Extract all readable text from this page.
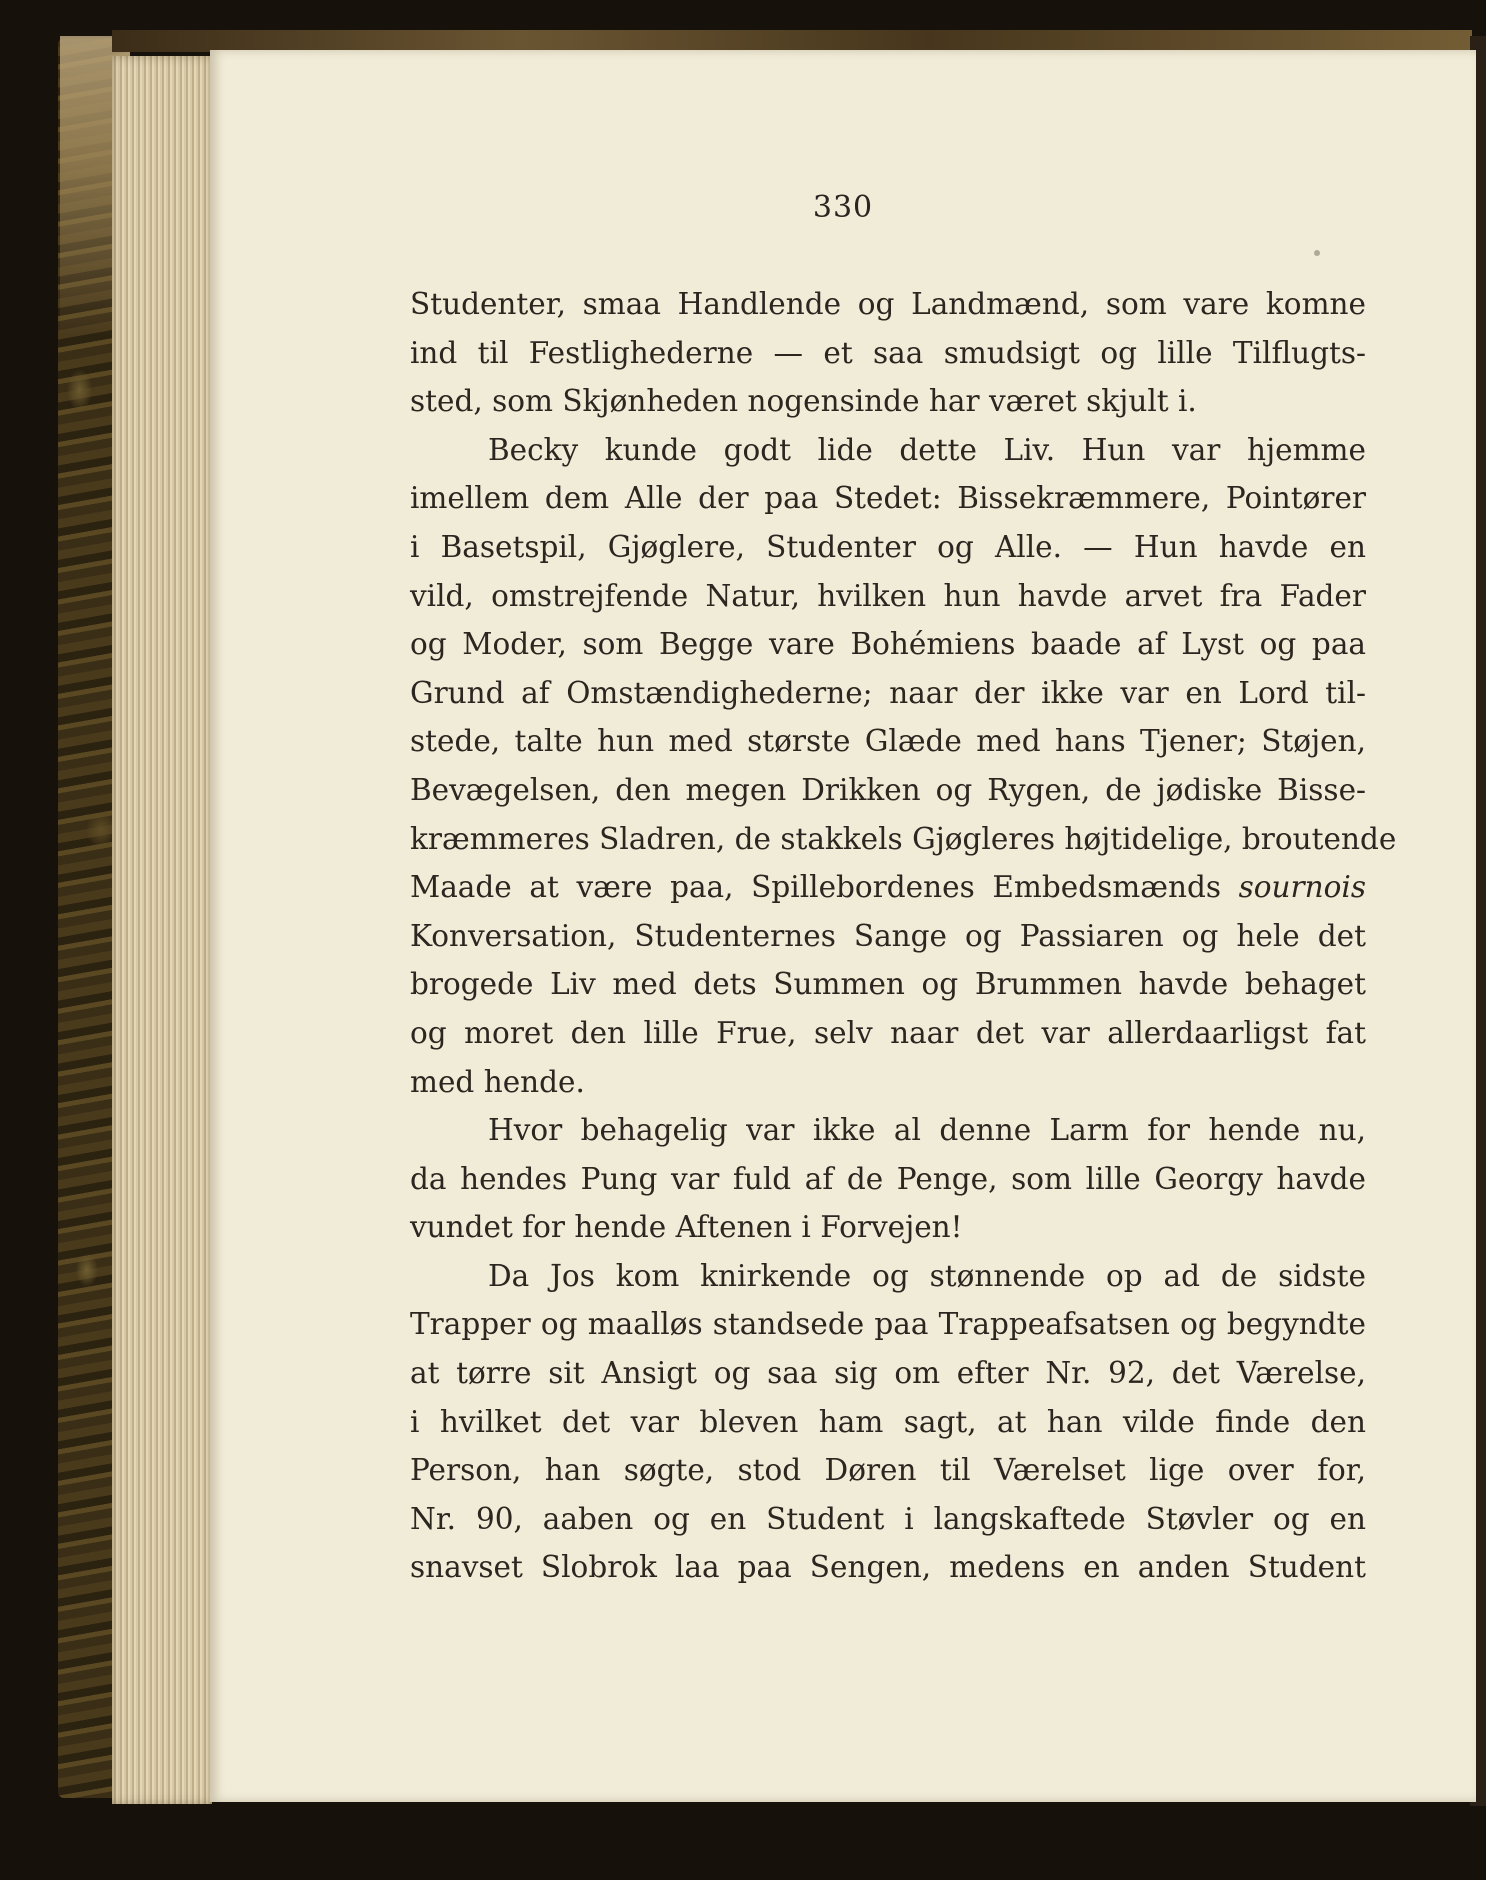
330
Studenter, smaa Handlende og Landmænd, som vare komne
ind til Festlighederne — et saa smudsigt og lille Tilflugts-
sted, som Skjønheden nogensinde har været skjult i.
Becky kunde godt lide dette Liv. Hun var hjemme
imellem dem Alle der paa Stedet: Bissekræmmere, Pointører
i Basetspil, Gjøglere, Studenter og Alle. — Hun havde en
vild, omstrejfende Natur, hvilken hun havde arvet fra Fader
og Moder, som Begge vare Bohémiens baade af Lyst og paa
Grund af Omstændighederne; naar der ikke var en Lord til-
stede, talte hun med største Glæde med hans Tjener; Støjen,
Bevægelsen, den megen Drikken og Rygen, de jødiske Bisse-
kræmmeres Sladren, de stakkels Gjøgleres højtidelige, broutende
Maade at være paa, Spillebordenes Embedsmænds sournois
Konversation, Studenternes Sange og Passiaren og hele det
brogede Liv med dets Summen og Brummen havde behaget
og moret den lille Frue, selv naar det var allerdaarligst fat
med hende.
Hvor behagelig var ikke al denne Larm for hende nu,
da hendes Pung var fuld af de Penge, som lille Georgy havde
vundet for hende Aftenen i Forvejen!
Da Jos kom knirkende og stønnende op ad de sidste
Trapper og maalløs standsede paa Trappeafsatsen og begyndte
at tørre sit Ansigt og saa sig om efter Nr. 92, det Værelse,
i hvilket det var bleven ham sagt, at han vilde finde den
Person, han søgte, stod Døren til Værelset lige over for,
Nr. 90, aaben og en Student i langskaftede Støvler og en
snavset Slobrok laa paa Sengen, medens en anden Student
